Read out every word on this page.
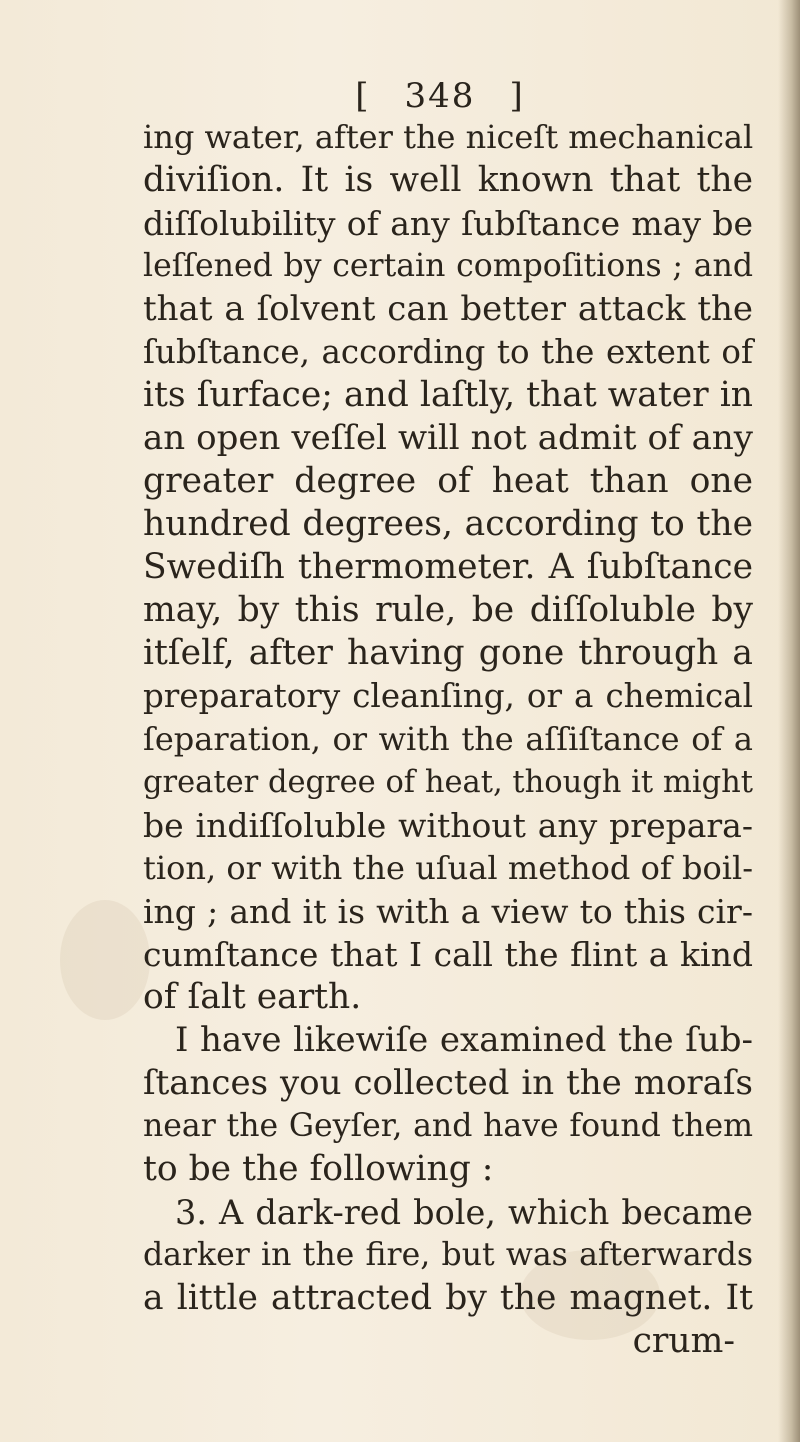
[ 348 ]
ing water, after the niceſt mechanical
diviſion. It is well known that the
diſſolubility of any ſubſtance may be
leſſened by certain compoſitions ; and
that a ſolvent can better attack the
ſubſtance, according to the extent of
its ſurface; and laſtly, that water in
an open veſſel will not admit of any
greater degree of heat than one
hundred degrees, according to the
Swediſh thermometer. A ſubſtance
may, by this rule, be diſſoluble by
itſelf, after having gone through a
preparatory cleanſing, or a chemical
ſeparation, or with the aſſiſtance of a
greater degree of heat, though it might
be indiſſoluble without any prepara-
tion, or with the uſual method of boil-
ing ; and it is with a view to this cir-
cumſtance that I call the flint a kind
of ſalt earth.
I have likewiſe examined the ſub-
ſtances you collected in the moraſs
near the Geyſer, and have found them
to be the following :
3. A dark-red bole, which became
darker in the fire, but was afterwards
a little attracted by the magnet. It
crum-
